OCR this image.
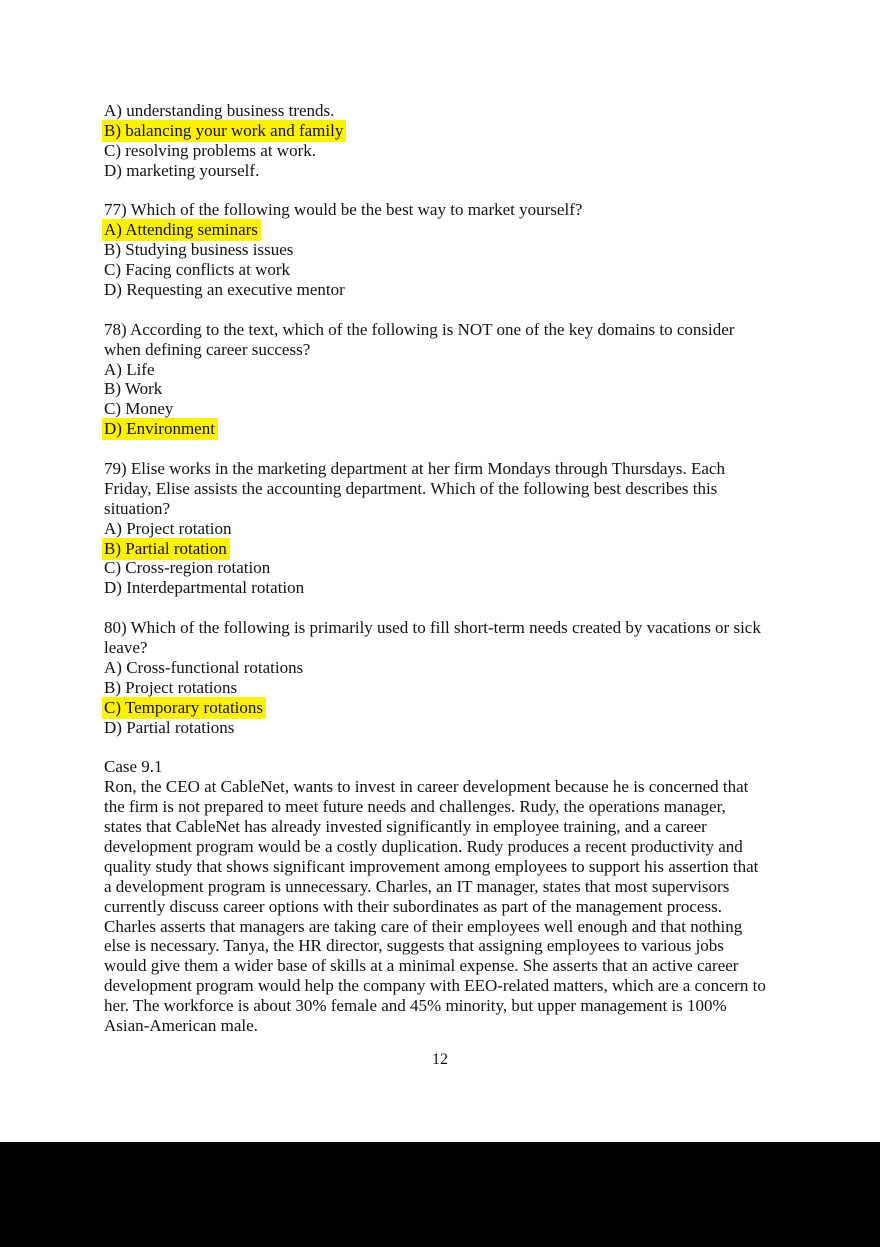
A) understanding business trends.
B) balancing your work and family
C) resolving problems at work.
D) marketing yourself.
77) Which of the following would be the best way to market yourself?
A) Attending seminars
B) Studying business issues
C) Facing conflicts at work
D) Requesting an executive mentor
78) According to the text, which of the following is NOT one of the key domains to consider
when defining career success?
A) Life
B) Work
C) Money
D) Environment
79) Elise works in the marketing department at her firm Mondays through Thursdays. Each
Friday, Elise assists the accounting department. Which of the following best describes this
situation?
A) Project rotation
B) Partial rotation
C) Cross-region rotation
D) Interdepartmental rotation
80) Which of the following is primarily used to fill short-term needs created by vacations or sick
leave?
A) Cross-functional rotations
B) Project rotations
C) Temporary rotations
D) Partial rotations
Case 9.1
Ron, the CEO at CableNet, wants to invest in career development because he is concerned that
the firm is not prepared to meet future needs and challenges. Rudy, the operations manager,
states that CableNet has already invested significantly in employee training, and a career
development program would be a costly duplication. Rudy produces a recent productivity and
quality study that shows significant improvement among employees to support his assertion that
a development program is unnecessary. Charles, an IT manager, states that most supervisors
currently discuss career options with their subordinates as part of the management process.
Charles asserts that managers are taking care of their employees well enough and that nothing
else is necessary. Tanya, the HR director, suggests that assigning employees to various jobs
would give them a wider base of skills at a minimal expense. She asserts that an active career
development program would help the company with EEO-related matters, which are a concern to
her. The workforce is about 30% female and 45% minority, but upper management is 100%
Asian-American male.
12
